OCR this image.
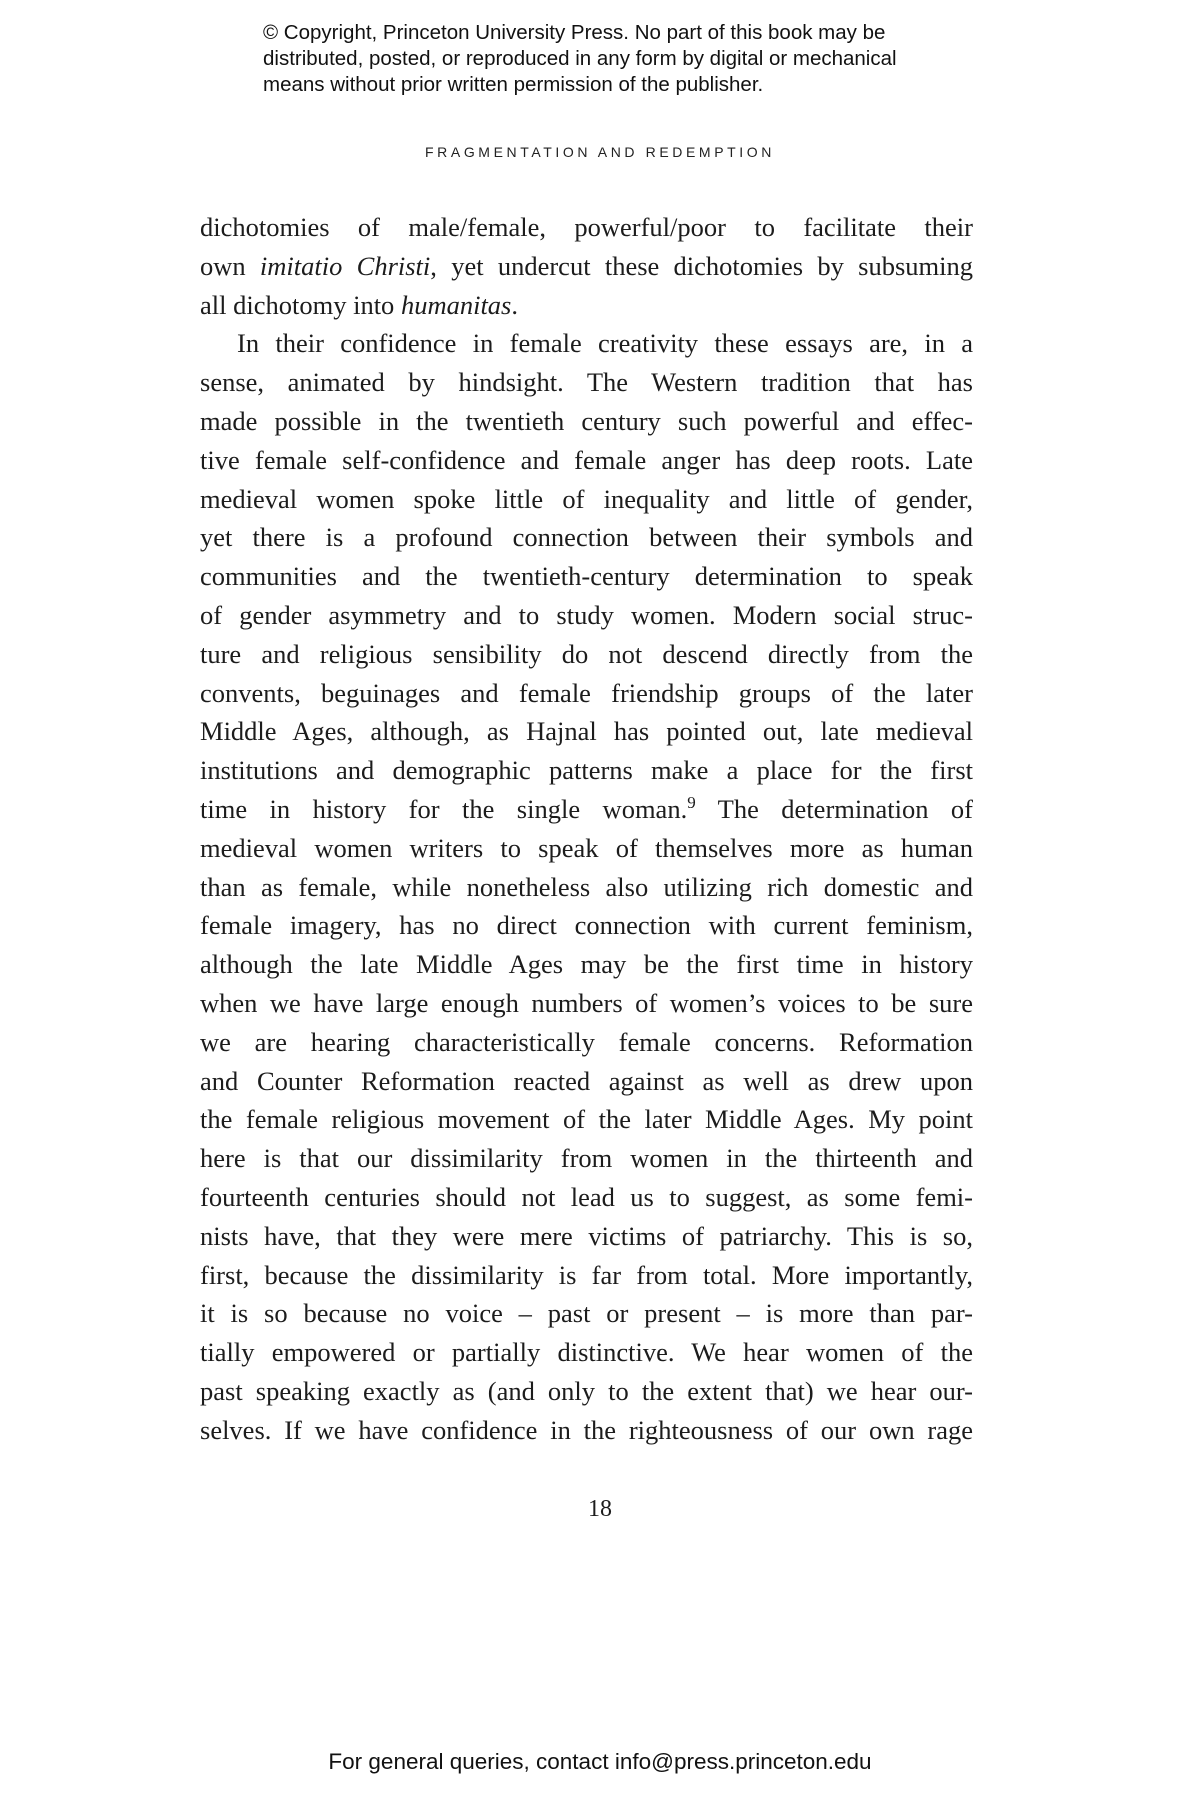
© Copyright, Princeton University Press. No part of this book may be
distributed, posted, or reproduced in any form by digital or mechanical
means without prior written permission of the publisher.
FRAGMENTATION AND REDEMPTION
dichotomies of male/female, powerful/poor to facilitate their
own imitatio Christi, yet undercut these dichotomies by subsuming
all dichotomy into humanitas.
In their confidence in female creativity these essays are, in a
sense, animated by hindsight. The Western tradition that has
made possible in the twentieth century such powerful and effec-
tive female self-confidence and female anger has deep roots. Late
medieval women spoke little of inequality and little of gender,
yet there is a profound connection between their symbols and
communities and the twentieth-century determination to speak
of gender asymmetry and to study women. Modern social struc-
ture and religious sensibility do not descend directly from the
convents, beguinages and female friendship groups of the later
Middle Ages, although, as Hajnal has pointed out, late medieval
institutions and demographic patterns make a place for the first
time in history for the single woman.$^9$ The determination of
medieval women writers to speak of themselves more as human
than as female, while nonetheless also utilizing rich domestic and
female imagery, has no direct connection with current feminism,
although the late Middle Ages may be the first time in history
when we have large enough numbers of women’s voices to be sure
we are hearing characteristically female concerns. Reformation
and Counter Reformation reacted against as well as drew upon
the female religious movement of the later Middle Ages. My point
here is that our dissimilarity from women in the thirteenth and
fourteenth centuries should not lead us to suggest, as some femi-
nists have, that they were mere victims of patriarchy. This is so,
first, because the dissimilarity is far from total. More importantly,
it is so because no voice – past or present – is more than par-
tially empowered or partially distinctive. We hear women of the
past speaking exactly as (and only to the extent that) we hear our-
selves. If we have confidence in the righteousness of our own rage
18
For general queries, contact info@press.princeton.edu
